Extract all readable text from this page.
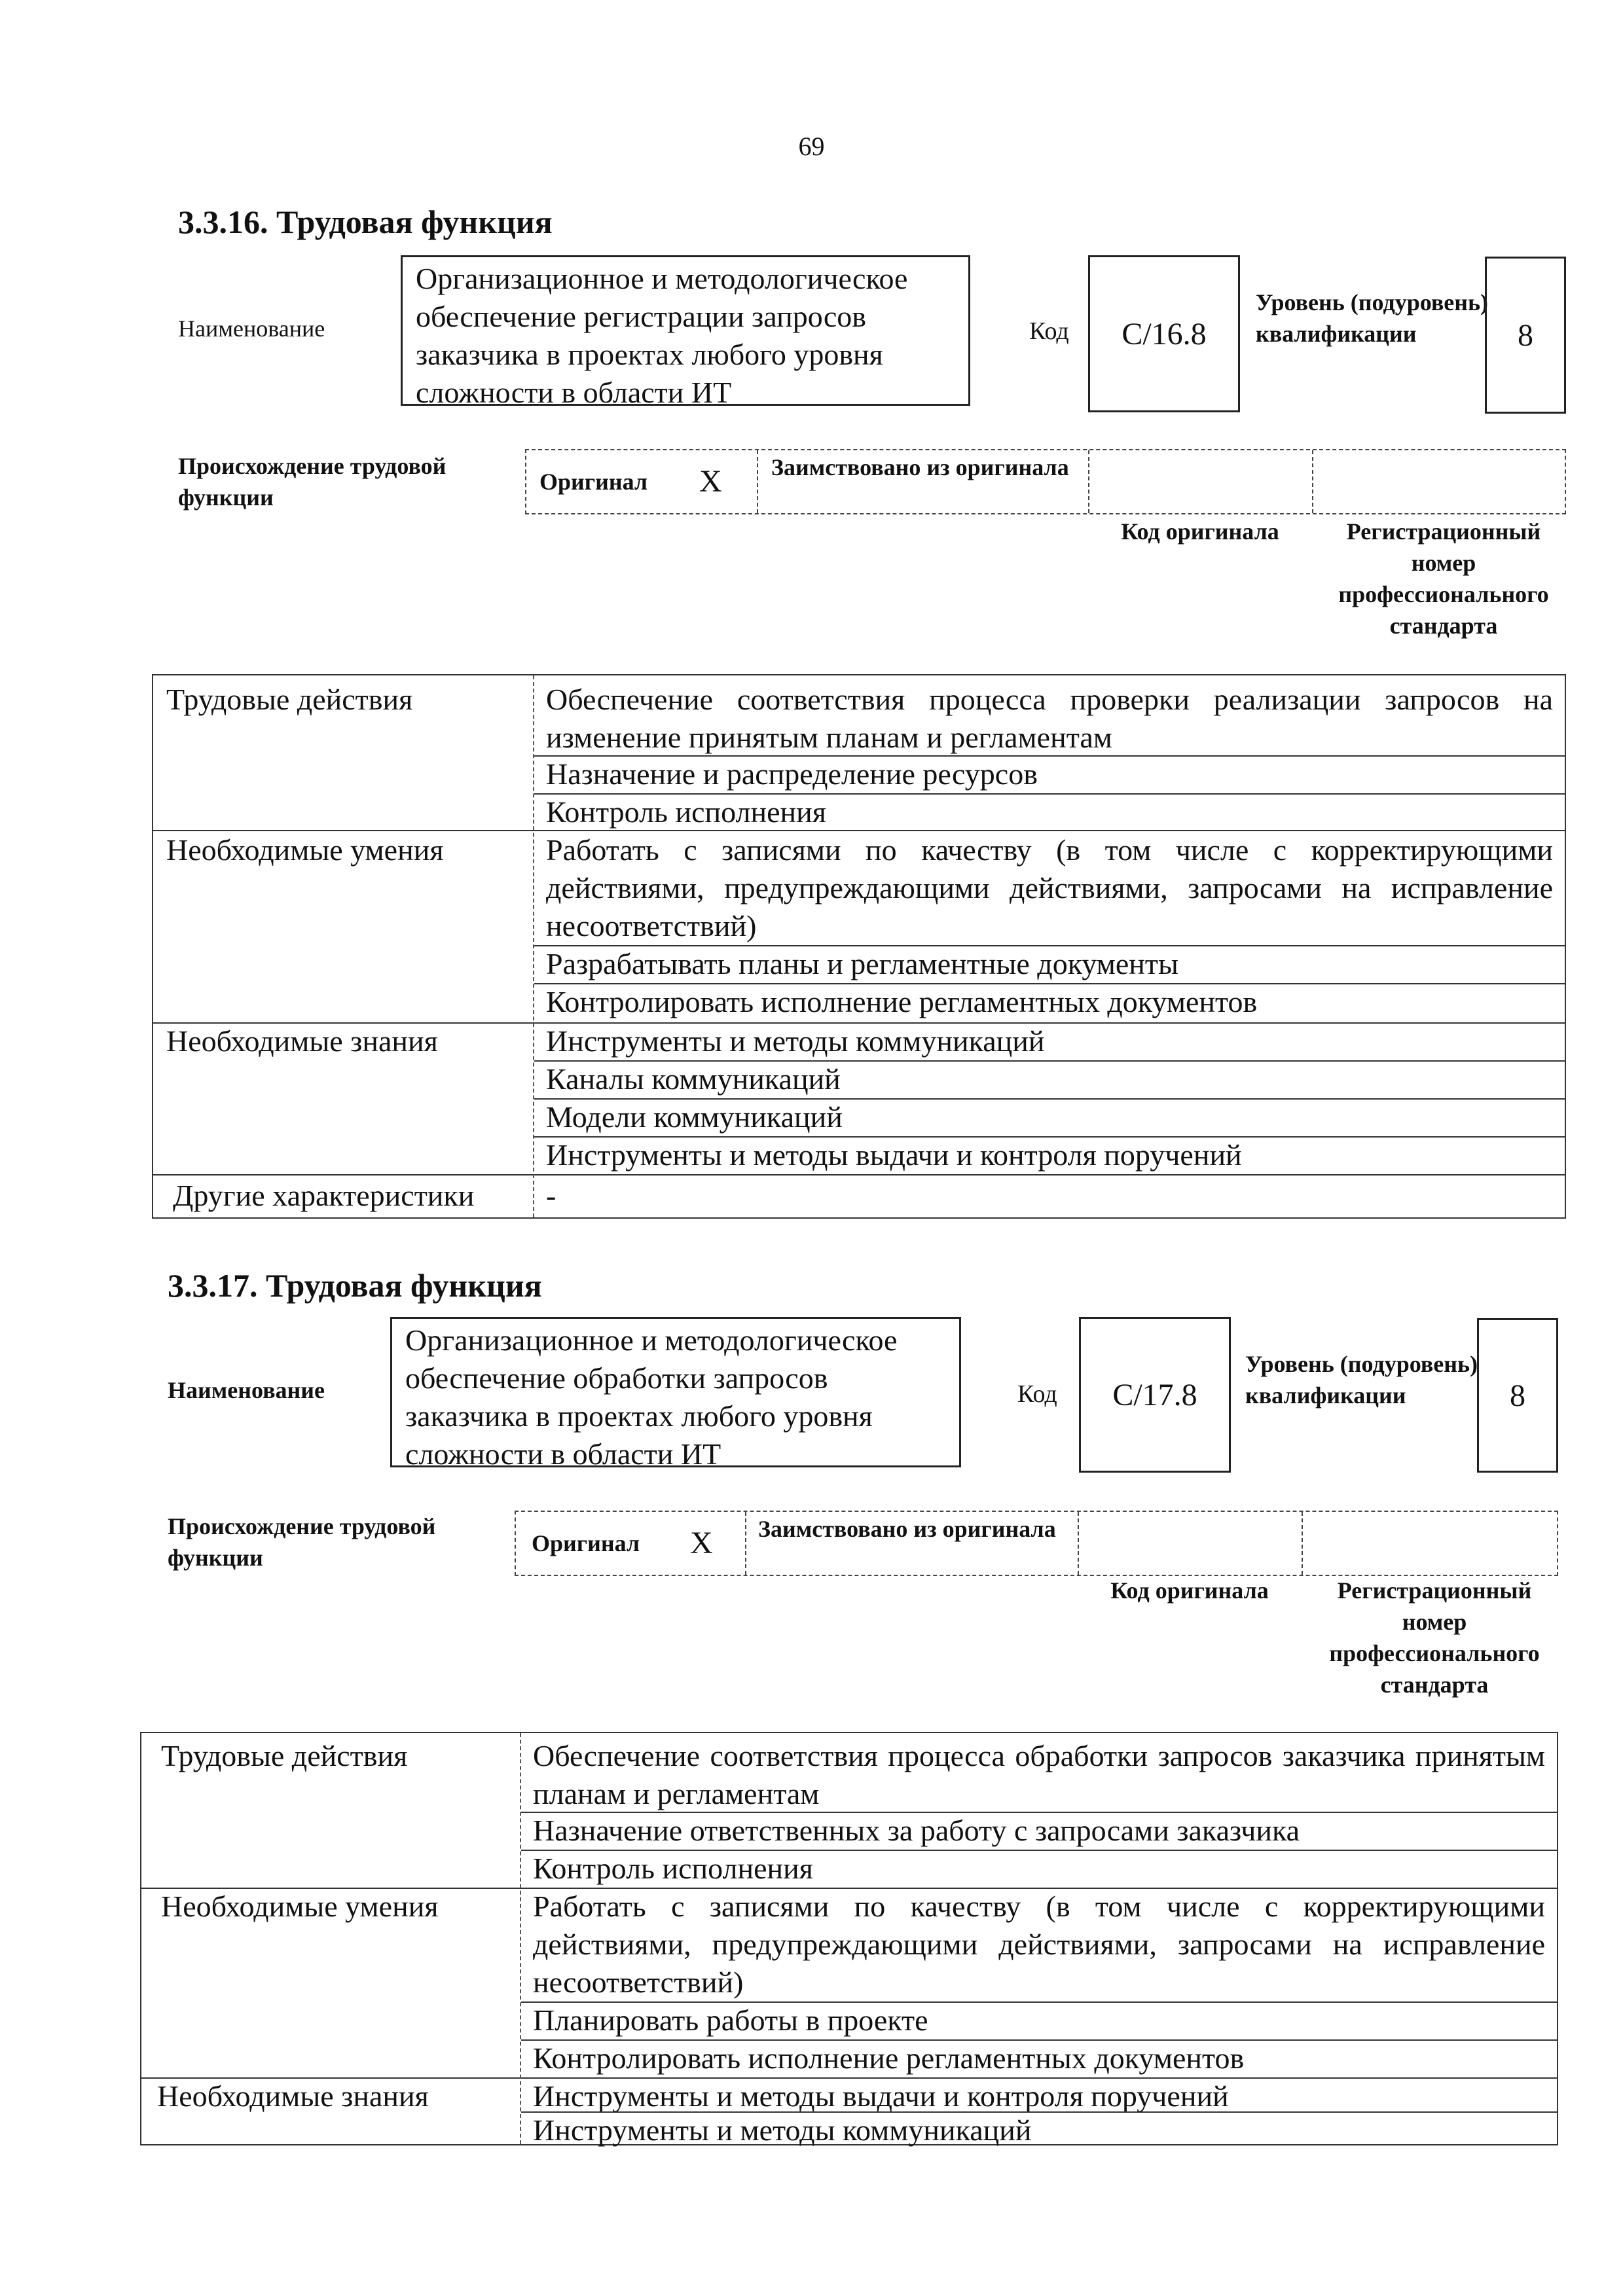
69
3.3.16. Трудовая функция
Наименование
Организационное и методологическое обеспечение регистрации запросов заказчика в проектах любого уровня сложности в области ИТ
Код	C/16.8
Уровень (подуровень) квалификации	8
Происхождение трудовой функции
Оригинал X Заимствовано из оригинала
Код оригинала	Регистрационный номер профессионального стандарта
Трудовые действия	Обеспечение соответствия процесса проверки реализации запросов на изменение принятым планам и регламентам
Назначение и распределение ресурсов
Контроль исполнения
Необходимые умения	Работать с записями по качеству (в том числе с корректирующими действиями, предупреждающими действиями, запросами на исправление несоответствий)
Разрабатывать планы и регламентные документы
Контролировать исполнение регламентных документов
Необходимые знания	Инструменты и методы коммуникаций
Каналы коммуникаций
Модели коммуникаций
Инструменты и методы выдачи и контроля поручений
Другие характеристики	-
3.3.17. Трудовая функция
Наименование
Организационное и методологическое обеспечение обработки запросов заказчика в проектах любого уровня сложности в области ИТ
Код	C/17.8
Уровень (подуровень) квалификации	8
Происхождение трудовой функции
Оригинал X Заимствовано из оригинала
Код оригинала	Регистрационный номер профессионального стандарта
Трудовые действия	Обеспечение соответствия процесса обработки запросов заказчика принятым планам и регламентам
Назначение ответственных за работу с запросами заказчика
Контроль исполнения
Необходимые умения	Работать с записями по качеству (в том числе с корректирующими действиями, предупреждающими действиями, запросами на исправление несоответствий)
Планировать работы в проекте
Контролировать исполнение регламентных документов
Необходимые знания	Инструменты и методы выдачи и контроля поручений
Инструменты и методы коммуникаций
